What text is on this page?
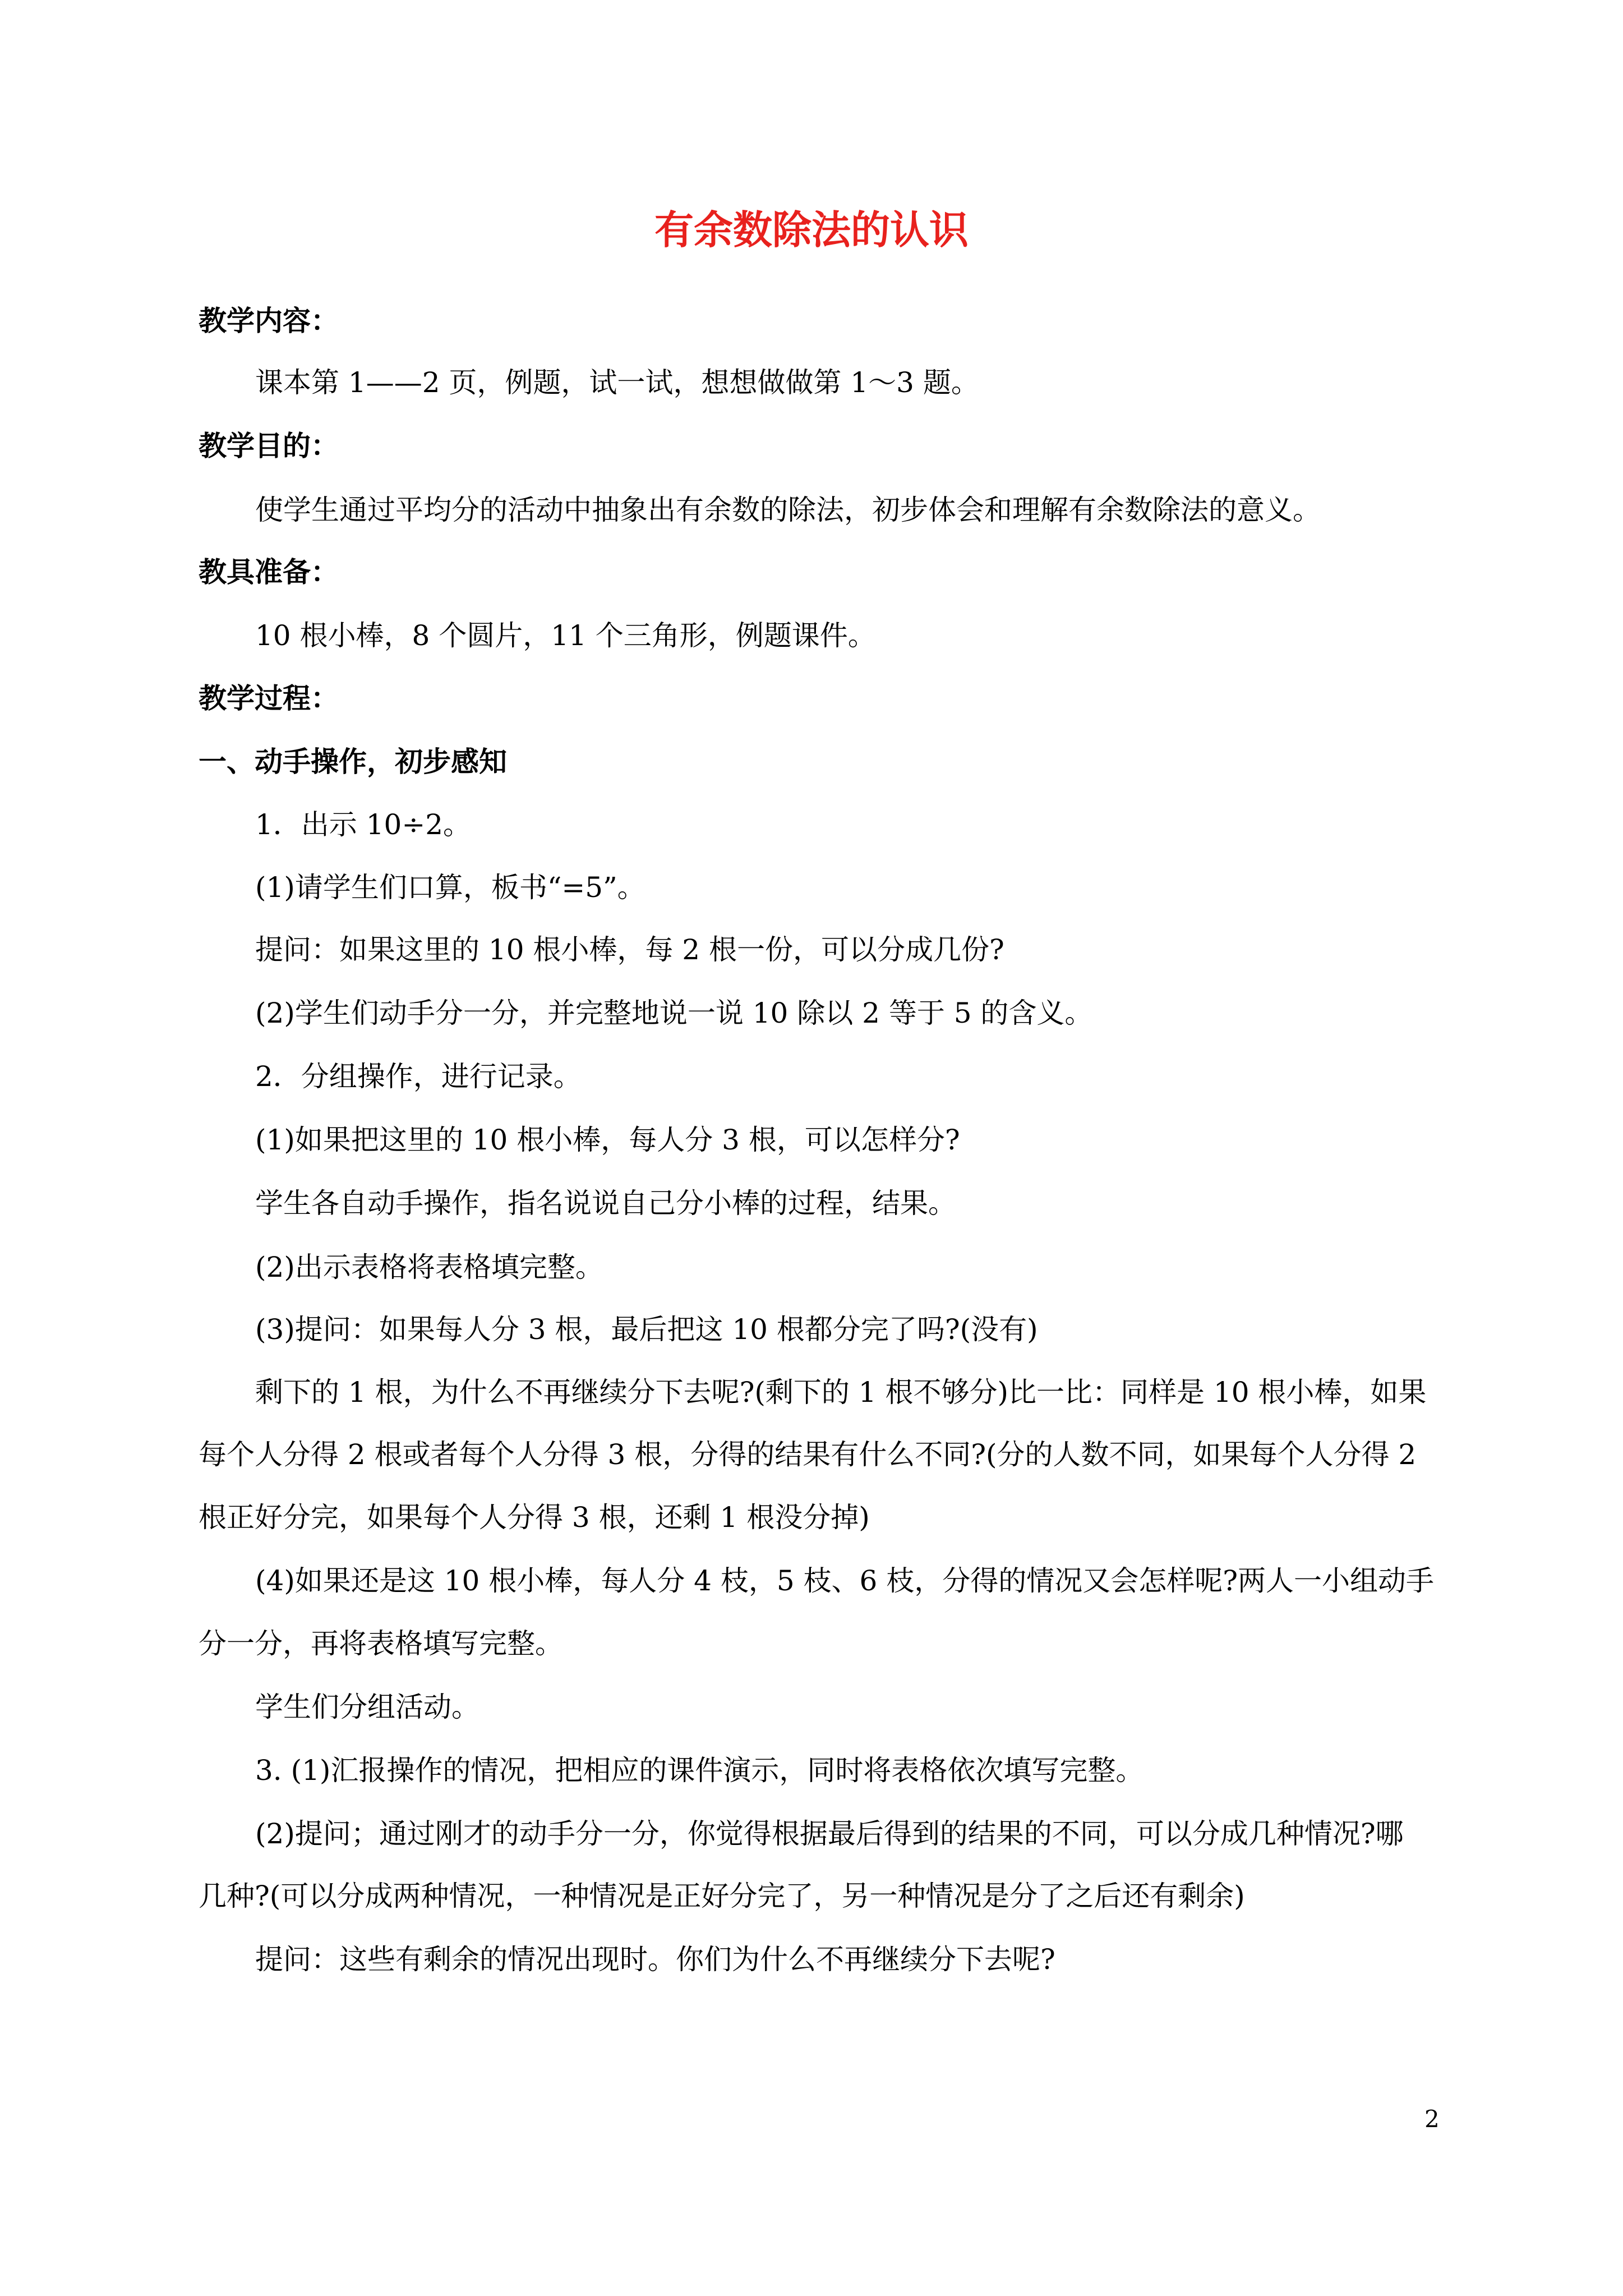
有余数除法的认识
教学内容：
课本第 1——2 页，例题，试一试，想想做做第 1～3 题。
教学目的：
使学生通过平均分的活动中抽象出有余数的除法，初步体会和理解有余数除法的意义。
教具准备：
10 根小棒，8 个圆片，11 个三角形，例题课件。
教学过程：
一、动手操作，初步感知
1．出示 10÷2。
(1)请学生们口算，板书“=5”。
提问：如果这里的 10 根小棒，每 2 根一份，可以分成几份?
(2)学生们动手分一分，并完整地说一说 10 除以 2 等于 5 的含义。
2．分组操作，进行记录。
(1)如果把这里的 10 根小棒，每人分 3 根，可以怎样分?
学生各自动手操作，指名说说自己分小棒的过程，结果。
(2)出示表格将表格填完整。
(3)提问：如果每人分 3 根，最后把这 10 根都分完了吗?(没有)
剩下的 1 根，为什么不再继续分下去呢?(剩下的 1 根不够分)比一比：同样是 10 根小棒，如果
每个人分得 2 根或者每个人分得 3 根，分得的结果有什么不同?(分的人数不同，如果每个人分得 2
根正好分完，如果每个人分得 3 根，还剩 1 根没分掉)
(4)如果还是这 10 根小棒，每人分 4 枝，5 枝、6 枝，分得的情况又会怎样呢?两人一小组动手
分一分，再将表格填写完整。
学生们分组活动。
3. (1)汇报操作的情况，把相应的课件演示，同时将表格依次填写完整。
(2)提问；通过刚才的动手分一分，你觉得根据最后得到的结果的不同，可以分成几种情况?哪
几种?(可以分成两种情况，一种情况是正好分完了，另一种情况是分了之后还有剩余)
提问：这些有剩余的情况出现时。你们为什么不再继续分下去呢?
2
